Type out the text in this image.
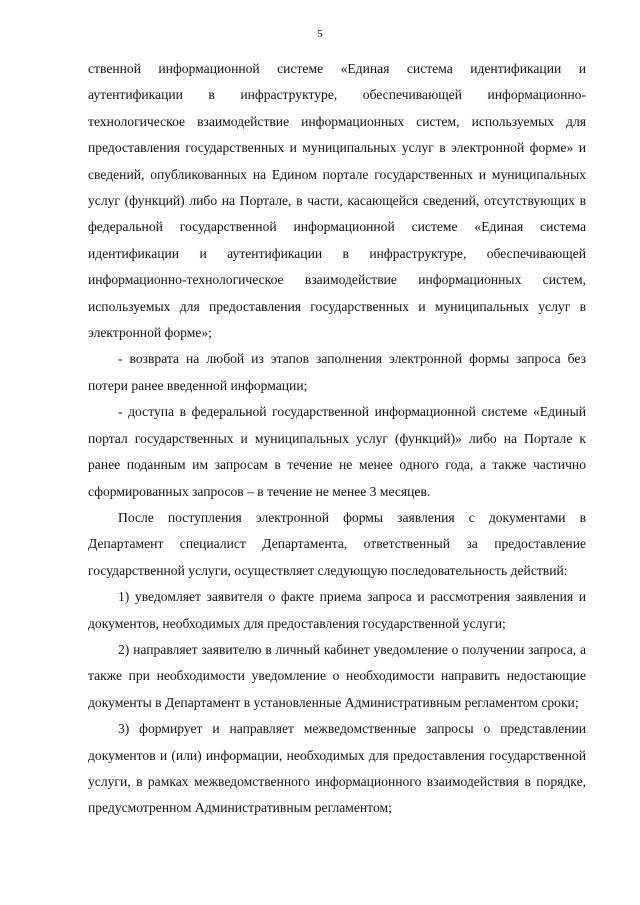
5

ственной информационной системе «Единая система идентификации и аутентификации в инфраструктуре, обеспечивающей информационно-технологическое взаимодействие информационных систем, используемых для предоставления государственных и муниципальных услуг в электронной форме» и сведений, опубликованных на Едином портале государственных и муниципальных услуг (функций) либо на Портале, в части, касающейся сведений, отсутствующих в федеральной государственной информационной системе «Единая система идентификации и аутентификации в инфраструктуре, обеспечивающей информационно-технологическое взаимодействие информационных систем, используемых для предоставления государственных и муниципальных услуг в электронной форме»;

- возврата на любой из этапов заполнения электронной формы запроса без потери ранее введенной информации;

- доступа в федеральной государственной информационной системе «Единый портал государственных и муниципальных услуг (функций)» либо на Портале к ранее поданным им запросам в течение не менее одного года, а также частично сформированных запросов – в течение не менее 3 месяцев.

После поступления электронной формы заявления с документами в Департамент специалист Департамента, ответственный за предоставление государственной услуги, осуществляет следующую последовательность действий:

1) уведомляет заявителя о факте приема запроса и рассмотрения заявления и документов, необходимых для предоставления государственной услуги;

2) направляет заявителю в личный кабинет уведомление о получении запроса, а также при необходимости уведомление о необходимости направить недостающие документы в Департамент в установленные Административным регламентом сроки;

3) формирует и направляет межведомственные запросы о представлении документов и (или) информации, необходимых для предоставления государственной услуги, в рамках межведомственного информационного взаимодействия в порядке, предусмотренном Административным регламентом;
